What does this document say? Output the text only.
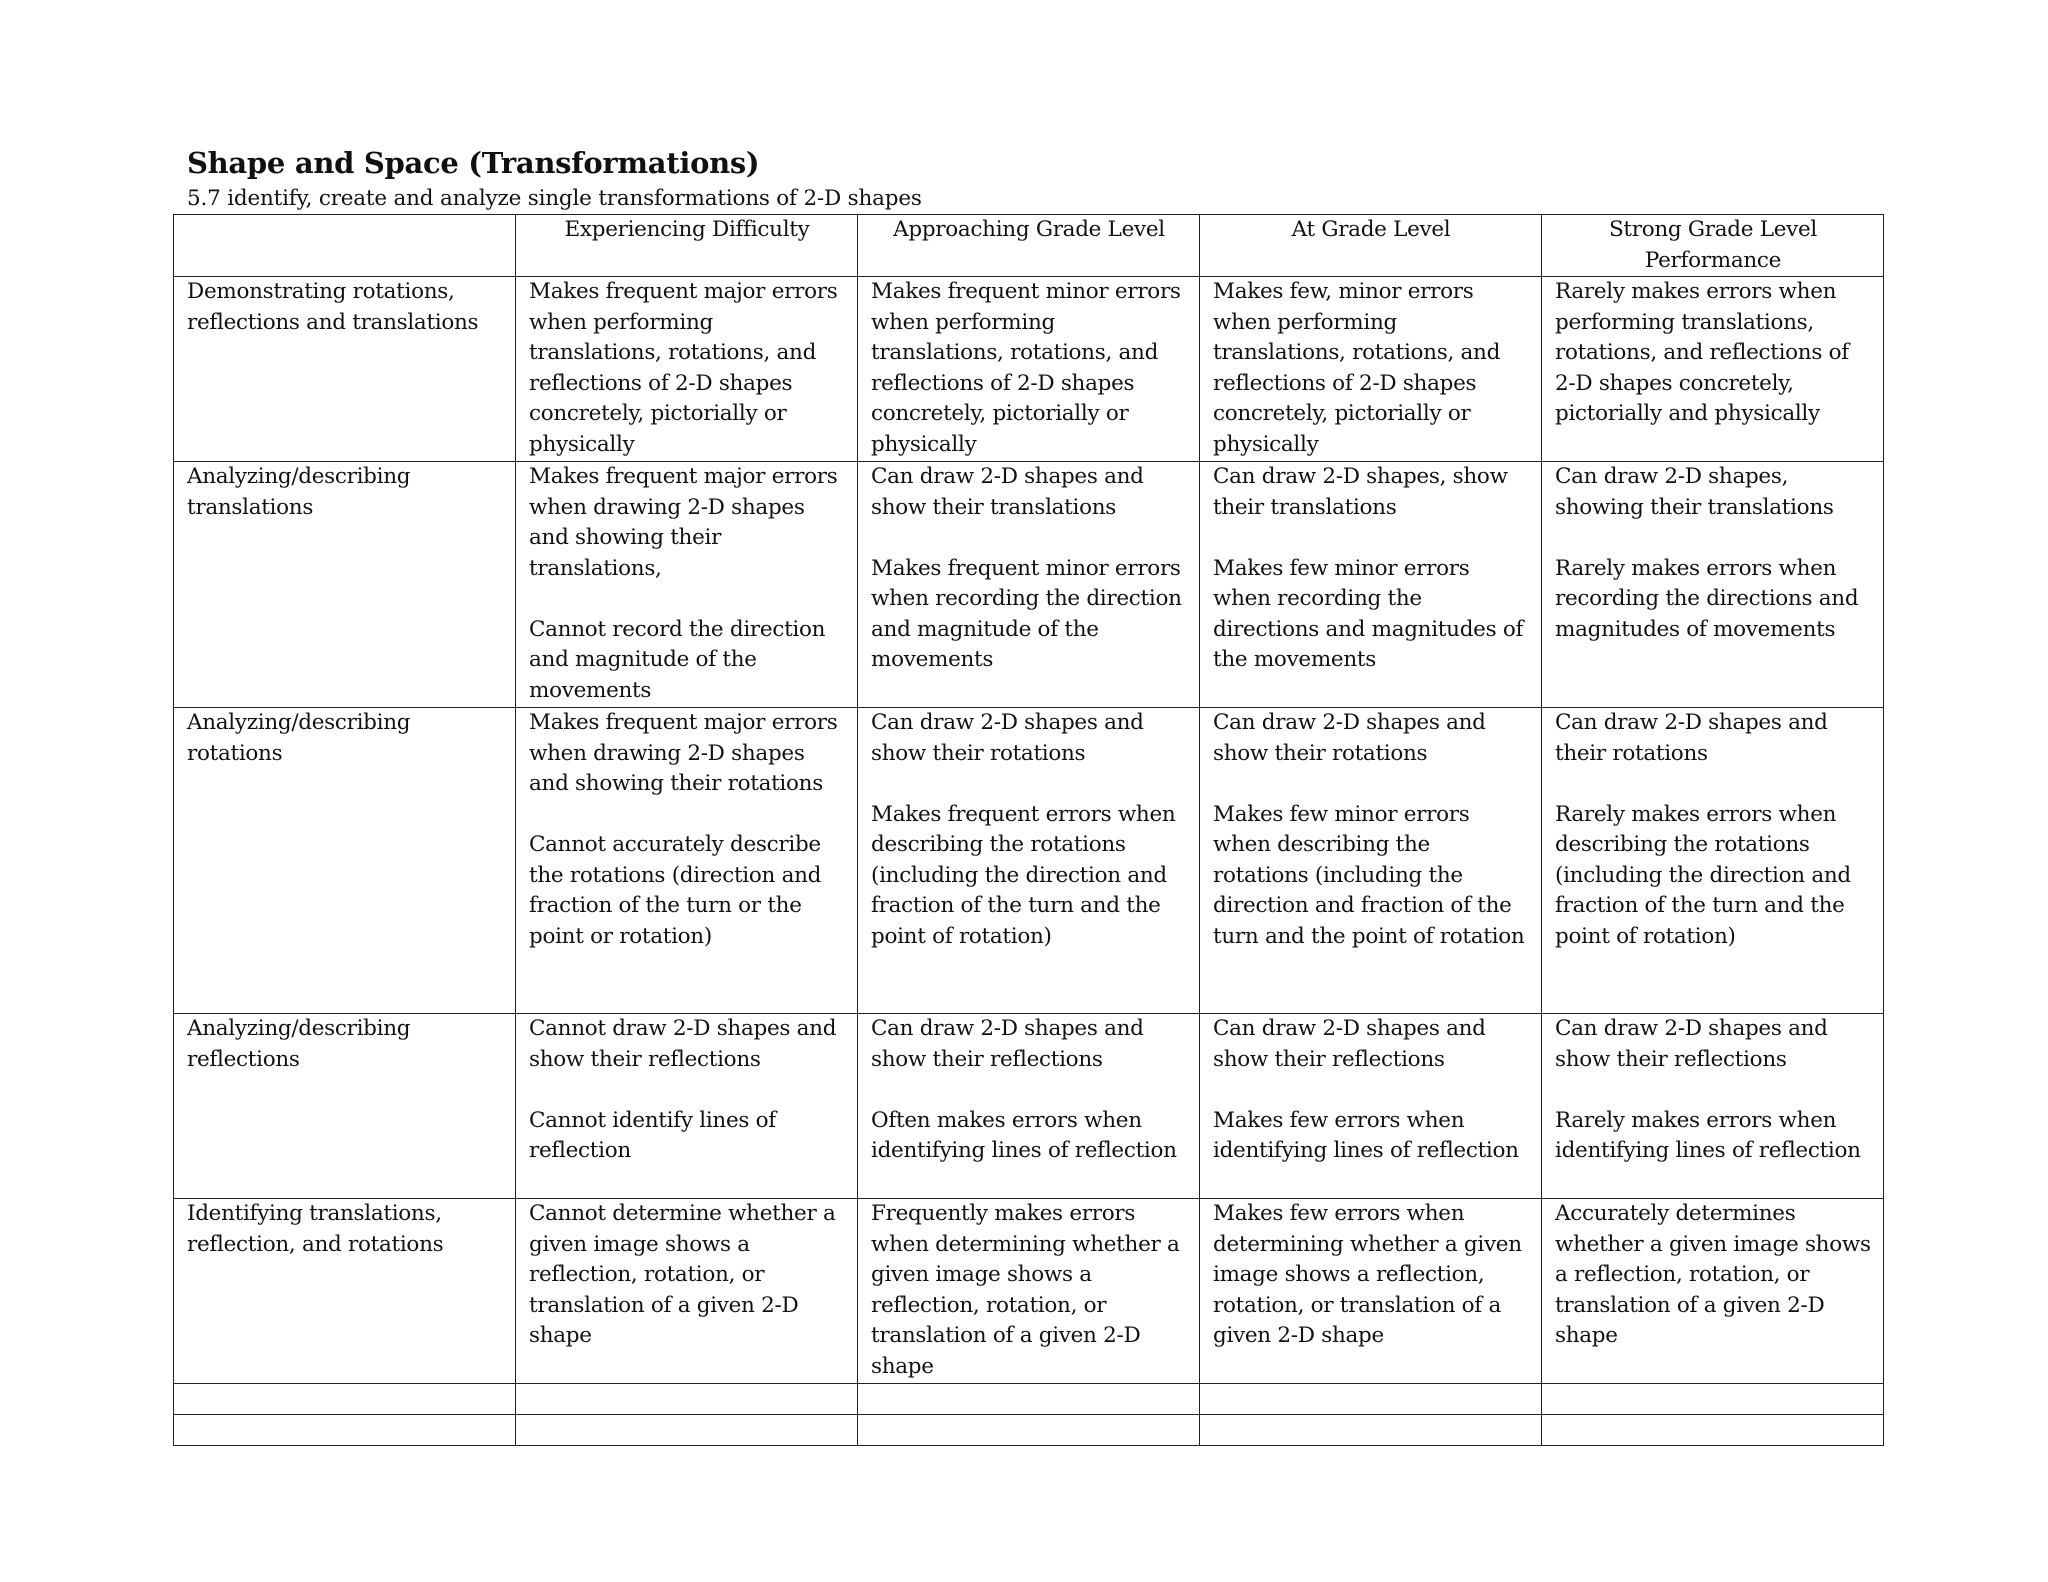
Shape and Space (Transformations)
5.7 identify, create and analyze single transformations of 2-D shapes
	Experiencing Difficulty	Approaching Grade Level	At Grade Level	Strong Grade Level
Performance
Demonstrating rotations, reflections and translations	Makes frequent major errors when performing translations, rotations, and reflections of 2-D shapes concretely, pictorially or physically	Makes frequent minor errors when performing translations, rotations, and reflections of 2-D shapes concretely, pictorially or physically	Makes few, minor errors when performing translations, rotations, and reflections of 2-D shapes concretely, pictorially or physically	Rarely makes errors when performing translations, rotations, and reflections of 2-D shapes concretely, pictorially and physically
Analyzing/describing translations	Makes frequent major errors when drawing 2-D shapes and showing their translations,

Cannot record the direction and magnitude of the movements	Can draw 2-D shapes and show their translations

Makes frequent minor errors when recording the direction and magnitude of the movements	Can draw 2-D shapes, show their translations

Makes few minor errors when recording the directions and magnitudes of the movements	Can draw 2-D shapes, showing their translations

Rarely makes errors when recording the directions and magnitudes of movements
Analyzing/describing rotations	Makes frequent major errors when drawing 2-D shapes and showing their rotations

Cannot accurately describe the rotations (direction and fraction of the turn or the point or rotation)	Can draw 2-D shapes and show their rotations

Makes frequent errors when describing the rotations (including the direction and fraction of the turn and the point of rotation)	Can draw 2-D shapes and show their rotations

Makes few minor errors when describing the rotations (including the direction and fraction of the turn and the point of rotation	Can draw 2-D shapes and their rotations

Rarely makes errors when describing the rotations (including the direction and fraction of the turn and the point of rotation)
Analyzing/describing reflections	Cannot draw 2-D shapes and show their reflections

Cannot identify lines of reflection	Can draw 2-D shapes and show their reflections

Often makes errors when identifying lines of reflection	Can draw 2-D shapes and show their reflections

Makes few errors when identifying lines of reflection	Can draw 2-D shapes and show their reflections

Rarely makes errors when identifying lines of reflection
Identifying translations, reflection, and rotations	Cannot determine whether a given image shows a reflection, rotation, or translation of a given 2-D shape	Frequently makes errors when determining whether a given image shows a reflection, rotation, or translation of a given 2-D shape	Makes few errors when determining whether a given image shows a reflection, rotation, or translation of a given 2-D shape	Accurately determines whether a given image shows a reflection, rotation, or translation of a given 2-D shape
